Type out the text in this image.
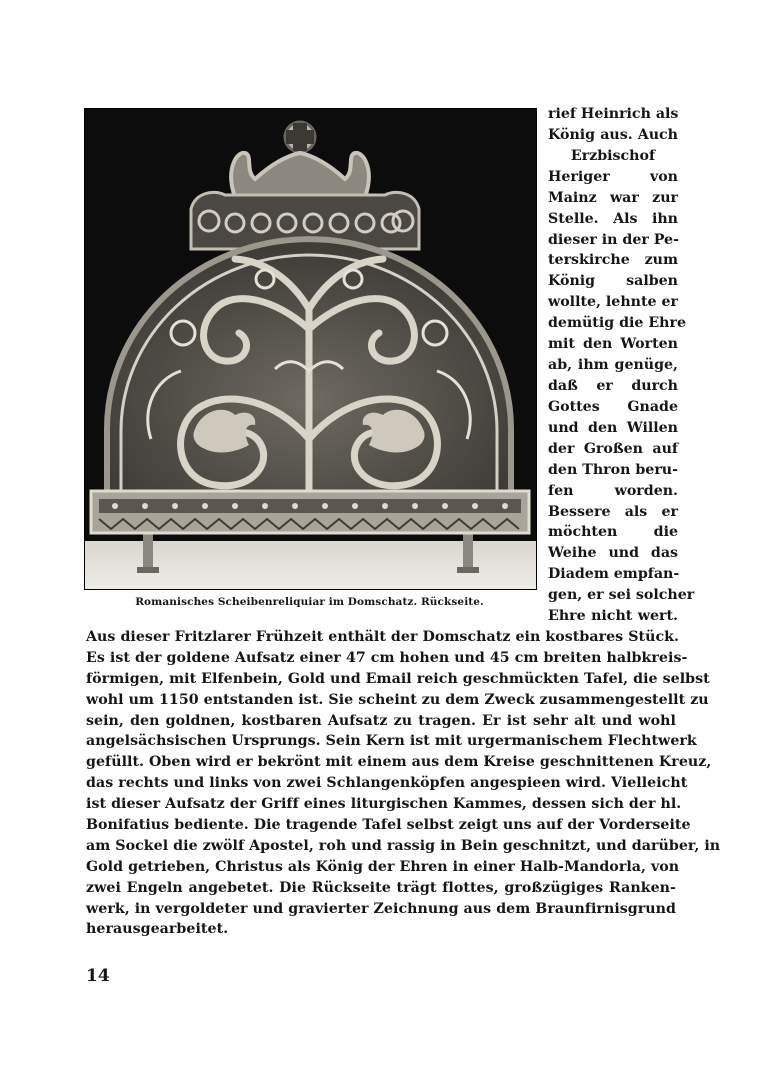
Romanisches Scheibenreliquiar im Domschatz. Rückseite.
rief Heinrich als
König aus. Auch
Erzbischof
Heriger von
Mainz war zur
Stelle. Als ihn
dieser in der Pe-
terskirche zum
König salben
wollte, lehnte er
demütig die Ehre
mit den Worten
ab, ihm genüge,
daß er durch
Gottes Gnade
und den Willen
der Großen auf
den Thron beru-
fen worden.
Bessere als er
möchten die
Weihe und das
Diadem empfan-
gen, er sei solcher
Ehre nicht wert.
Aus dieser Fritzlarer Frühzeit enthält der Domschatz ein kostbares Stück.
Es ist der goldene Aufsatz einer 47 cm hohen und 45 cm breiten halbkreis-
förmigen, mit Elfenbein, Gold und Email reich geschmückten Tafel, die selbst
wohl um 1150 entstanden ist. Sie scheint zu dem Zweck zusammengestellt zu
sein, den goldnen, kostbaren Aufsatz zu tragen. Er ist sehr alt und wohl
angelsächsischen Ursprungs. Sein Kern ist mit urgermanischem Flechtwerk
gefüllt. Oben wird er bekrönt mit einem aus dem Kreise geschnittenen Kreuz,
das rechts und links von zwei Schlangenköpfen angespieen wird. Vielleicht
ist dieser Aufsatz der Griff eines liturgischen Kammes, dessen sich der hl.
Bonifatius bediente. Die tragende Tafel selbst zeigt uns auf der Vorderseite
am Sockel die zwölf Apostel, roh und rassig in Bein geschnitzt, und darüber, in
Gold getrieben, Christus als König der Ehren in einer Halb-Mandorla, von
zwei Engeln angebetet. Die Rückseite trägt flottes, großzügiges Ranken-
werk, in vergoldeter und gravierter Zeichnung aus dem Braunfirnisgrund
herausgearbeitet.
14
